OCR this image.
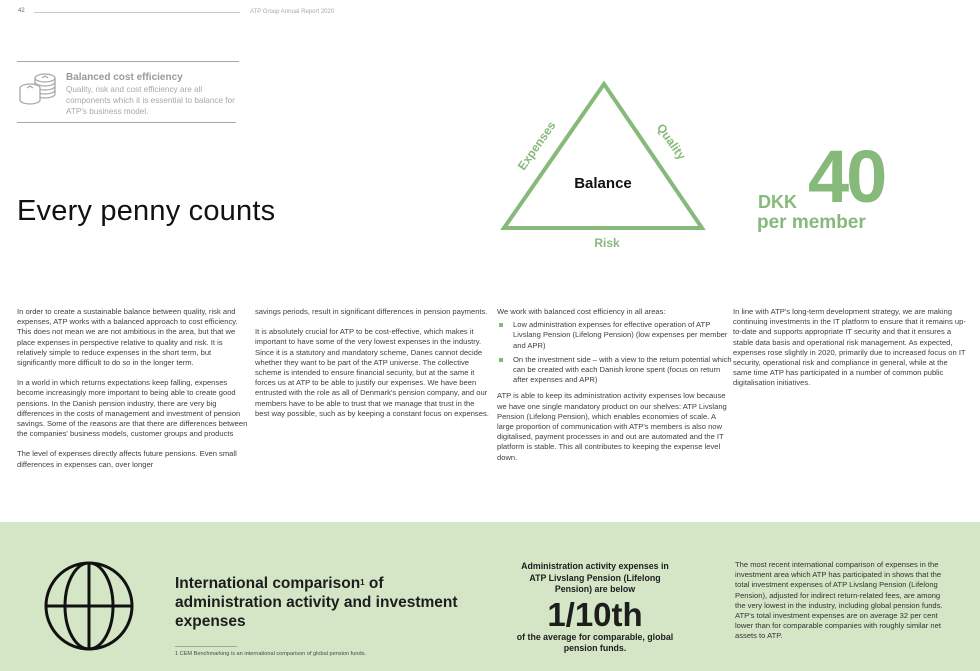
42	ATP Group Annual Report 2020
Balanced cost efficiency
Quality, risk and cost efficiency are all components which it is essential to balance for ATP's business model.
Every penny counts
Balance
Expenses	Quality
Risk
DKK 40
per member

In order to create a sustainable balance between quality, risk and expenses, ATP works with a balanced approach to cost efficiency. This does not mean we are not ambitious in the area, but that we place expenses in perspective relative to quality and risk. It is relatively simple to reduce expenses in the short term, but significantly more difficult to do so in the longer term.

In a world in which returns expectations keep falling, expenses become increasingly more important to being able to create good pensions. In the Danish pension industry, there are very big differences in the costs of management and investment of pension savings. Some of the reasons are that there are differences between the companies' business models, customer groups and products

The level of expenses directly affects future pensions. Even small differences in expenses can, over longer

savings periods, result in significant differences in pension payments.

It is absolutely crucial for ATP to be cost-effective, which makes it important to have some of the very lowest expenses in the industry. Since it is a statutory and mandatory scheme, Danes cannot decide whether they want to be part of the ATP universe. The collective scheme is intended to ensure financial security, but at the same it forces us at ATP to be able to justify our expenses. We have been entrusted with the role as all of Denmark's pension company, and our members have to be able to trust that we manage that trust in the best way possible, such as by keeping a constant focus on expenses.

We work with balanced cost efficiency in all areas:

Low administration expenses for effective operation of ATP Livslang Pension (Lifelong Pension) (low expenses per member and APR)
On the investment side – with a view to the return potential which can be created with each Danish krone spent (focus on return after expenses and APR)

ATP is able to keep its administration activity expenses low because we have one single mandatory product on our shelves: ATP Livslang Pension (Lifelong Pension), which enables economies of scale. A large proportion of communication with ATP's members is also now digitalised, payment processes in and out are automated and the IT platform is stable. This all contributes to keeping the expense level down.

In line with ATP's long-term development strategy, we are making continuing investments in the IT platform to ensure that it remains up-to-date and supports appropriate IT security and that it ensures a stable data basis and operational risk management. As expected, expenses rose slightly in 2020, primarily due to increased focus on IT security, operational risk and compliance in general, while at the same time ATP has participated in a number of common public digitalisation initiatives.

International comparison$^1$ of administration activity and investment expenses
1 CEM Benchmarking is an international comparison of global pension funds.
Administration activity expenses in ATP Livslang Pension (Lifelong Pension) are below
1/10th
of the average for comparable, global pension funds.
The most recent international comparison of expenses in the investment area which ATP has participated in shows that the total investment expenses of ATP Livslang Pension (Lifelong Pension), adjusted for indirect return-related fees, are among the very lowest in the industry, including global pension funds. ATP's total investment expenses are on average 32 per cent lower than for comparable companies with roughly similar net assets to ATP.
